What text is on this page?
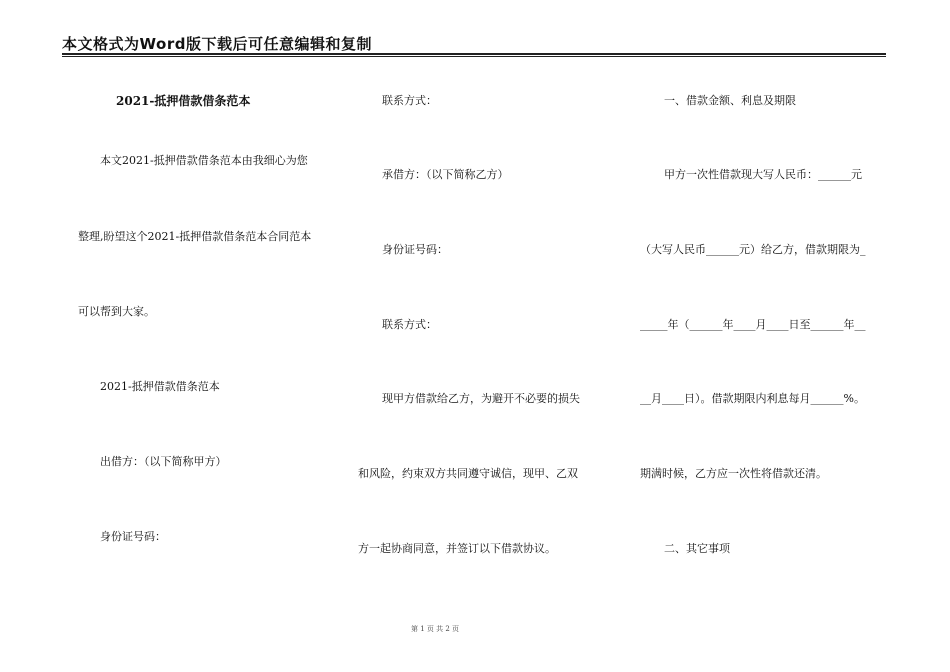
本文格式为Word版下载后可任意编辑和复制
2021-抵押借款借条范本
本文2021-抵押借款借条范本由我细心为您
整理,盼望这个2021-抵押借款借条范本合同范本
可以帮到大家。
2021-抵押借款借条范本
出借方：（以下简称甲方）
身份证号码：
联系方式：
承借方：（以下简称乙方）
身份证号码：
联系方式：
现甲方借款给乙方，为避开不必要的损失
和风险，约束双方共同遵守诚信，现甲、乙双
方一起协商同意，并签订以下借款协议。
一、借款金额、利息及期限
甲方一次性借款现大写人民币：______元
（大写人民币______元）给乙方，借款期限为_
_____年（______年____月____日至______年__
__月____日）。借款期限内利息每月______%。
期满时候，乙方应一次性将借款还清。
二、其它事项
第 1 页 共 2 页
